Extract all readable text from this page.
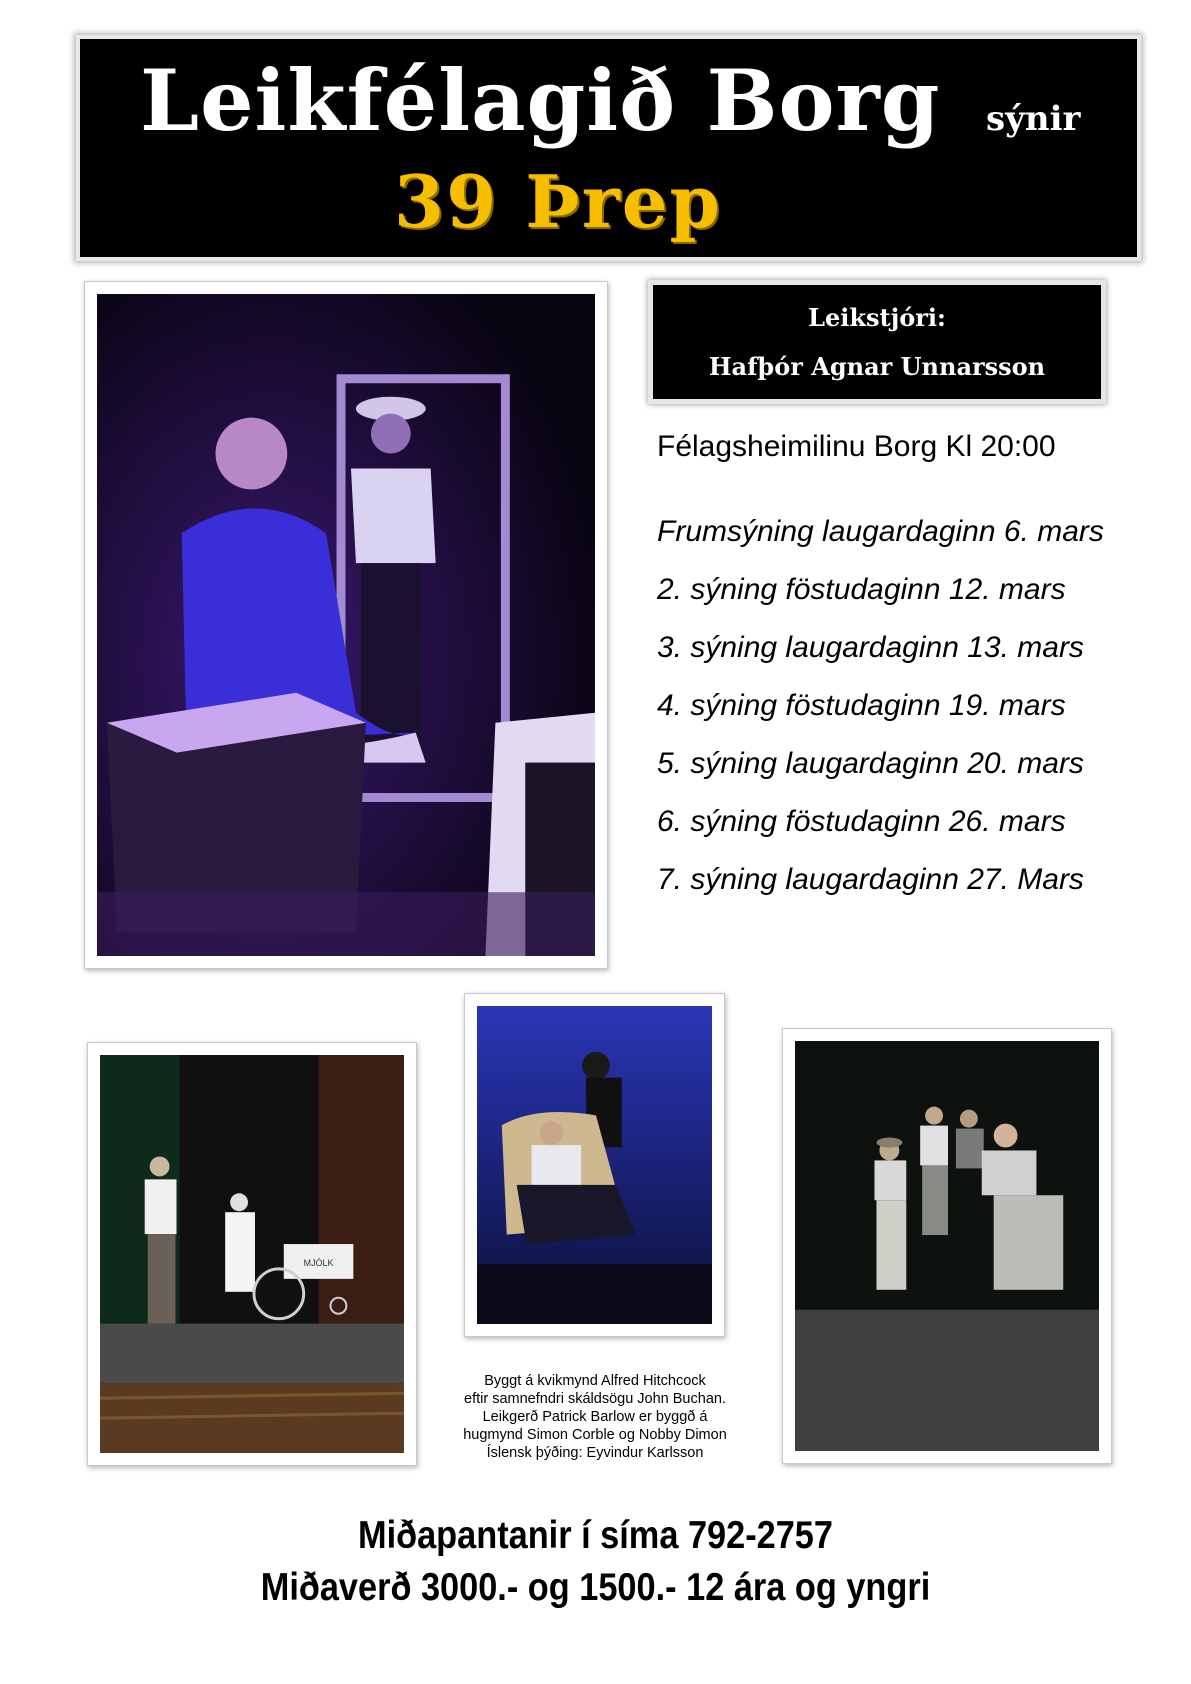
Leikfélagið Borg sýnir
39 Þrep
Leikstjóri:
Hafþór Agnar Unnarsson
Félagsheimilinu Borg Kl 20:00
Frumsýning laugardaginn 6. mars
2. sýning föstudaginn 12. mars
3. sýning laugardaginn 13. mars
4. sýning föstudaginn 19. mars
5. sýning laugardaginn 20. mars
6. sýning föstudaginn 26. mars
7. sýning laugardaginn 27. Mars
MJÓLK
Byggt á kvikmynd Alfred Hitchcock
eftir samnefndri skáldsögu John Buchan.
Leikgerð Patrick Barlow er byggð á
hugmynd Simon Corble og Nobby Dimon
Íslensk þýðing: Eyvindur Karlsson
Miðapantanir í síma 792-2757
Miðaverð 3000.- og 1500.- 12 ára og yngri
